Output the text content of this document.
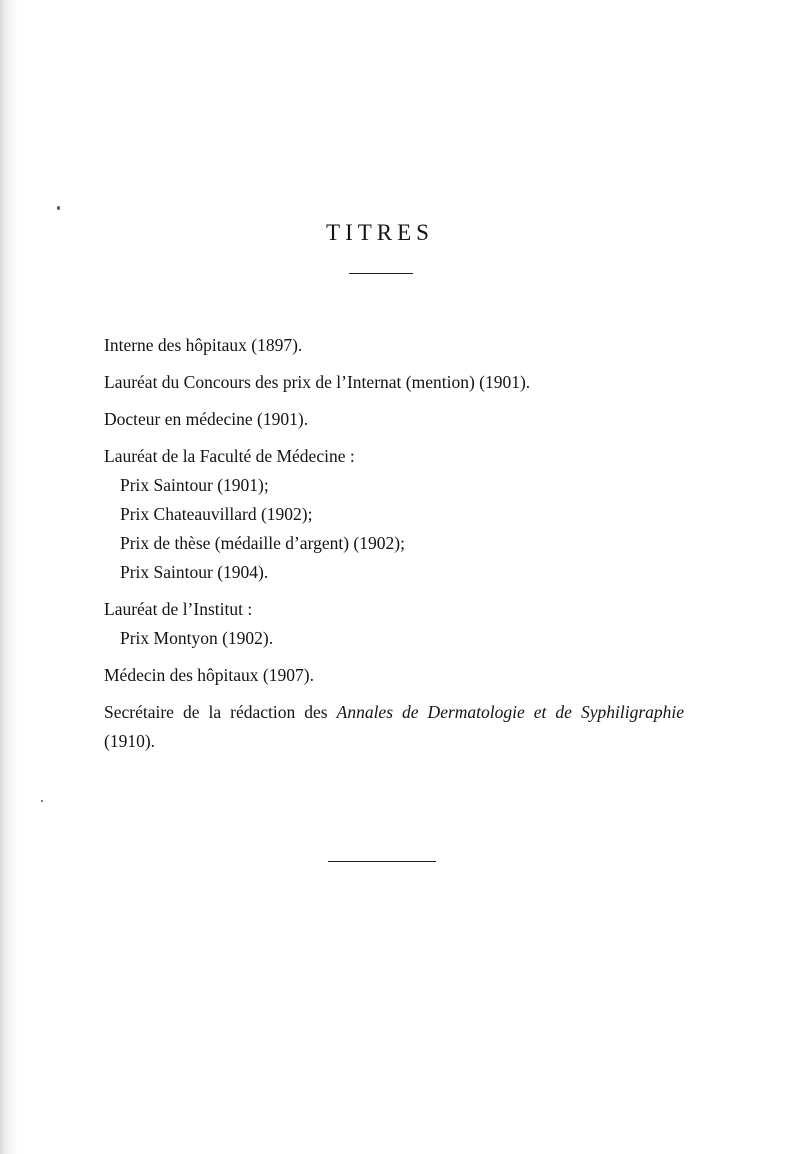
TITRES
Interne des hôpitaux (1897).
Lauréat du Concours des prix de l’Internat (mention) (1901).
Docteur en médecine (1901).
Lauréat de la Faculté de Médecine :
Prix Saintour (1901);
Prix Chateauvillard (1902);
Prix de thèse (médaille d’argent) (1902);
Prix Saintour (1904).
Lauréat de l’Institut :
Prix Montyon (1902).
Médecin des hôpitaux (1907).
Secrétaire de la rédaction des Annales de Dermatologie et de Syphiligraphie (1910).
